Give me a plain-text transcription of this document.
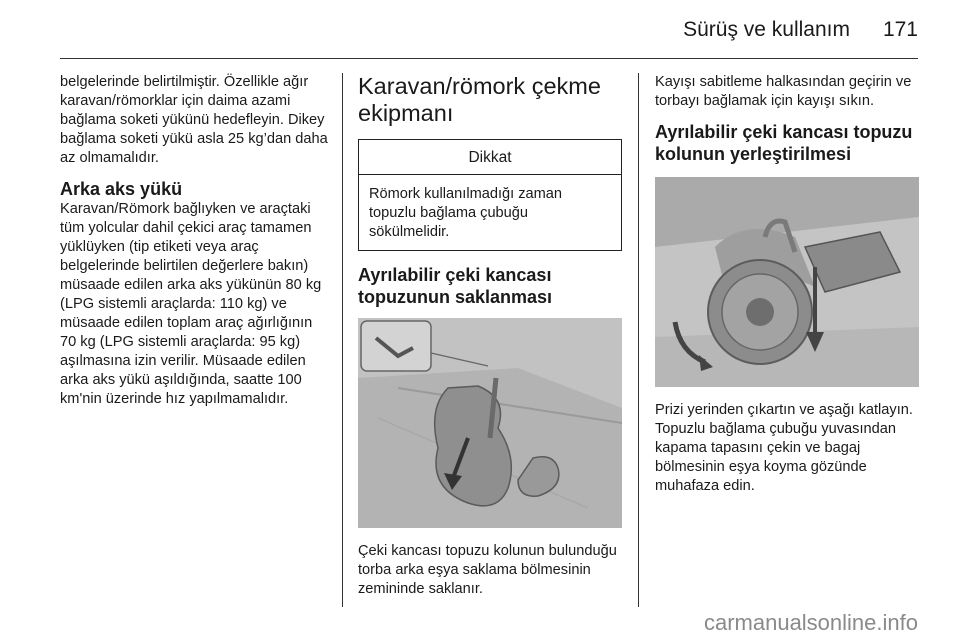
Sürüş ve kullanım 171

belgelerinde belirtilmiştir. Özellikle ağır karavan/römorklar için daima azami bağlama soketi yükünü hedefleyin. Dikey bağlama soketi yükü asla 25 kg’dan daha az olmamalıdır.

Arka aks yükü

Karavan/Römork bağlıyken ve araçtaki tüm yolcular dahil çekici araç tamamen yüklüyken (tip etiketi veya araç belgelerinde belirtilen değerlere bakın) müsaade edilen arka aks yükünün 80 kg (LPG sistemli araçlarda: 110 kg) ve müsaade edilen toplam araç ağırlığının 70 kg (LPG sistemli araçlarda: 95 kg) aşılmasına izin verilir. Müsaade edilen arka aks yükü aşıldığında, saatte 100 km'nin üzerinde hız yapılmamalıdır.

Karavan/römork çekme ekipmanı
Dikkat
Römork kullanılmadığı zaman topuzlu bağlama çubuğu sökülmelidir.
Ayrılabilir çeki kancası topuzunun saklanması

Çeki kancası topuzu kolunun bulunduğu torba arka eşya saklama bölmesinin zemininde saklanır.

Kayışı sabitleme halkasından geçirin ve torbayı bağlamak için kayışı sıkın.

Ayrılabilir çeki kancası topuzu kolunun yerleştirilmesi

Prizi yerinden çıkartın ve aşağı katlayın. Topuzlu bağlama çubuğu yuvasından kapama tapasını çekin ve bagaj bölmesinin eşya koyma gözünde muhafaza edin.

carmanualsonline.info
